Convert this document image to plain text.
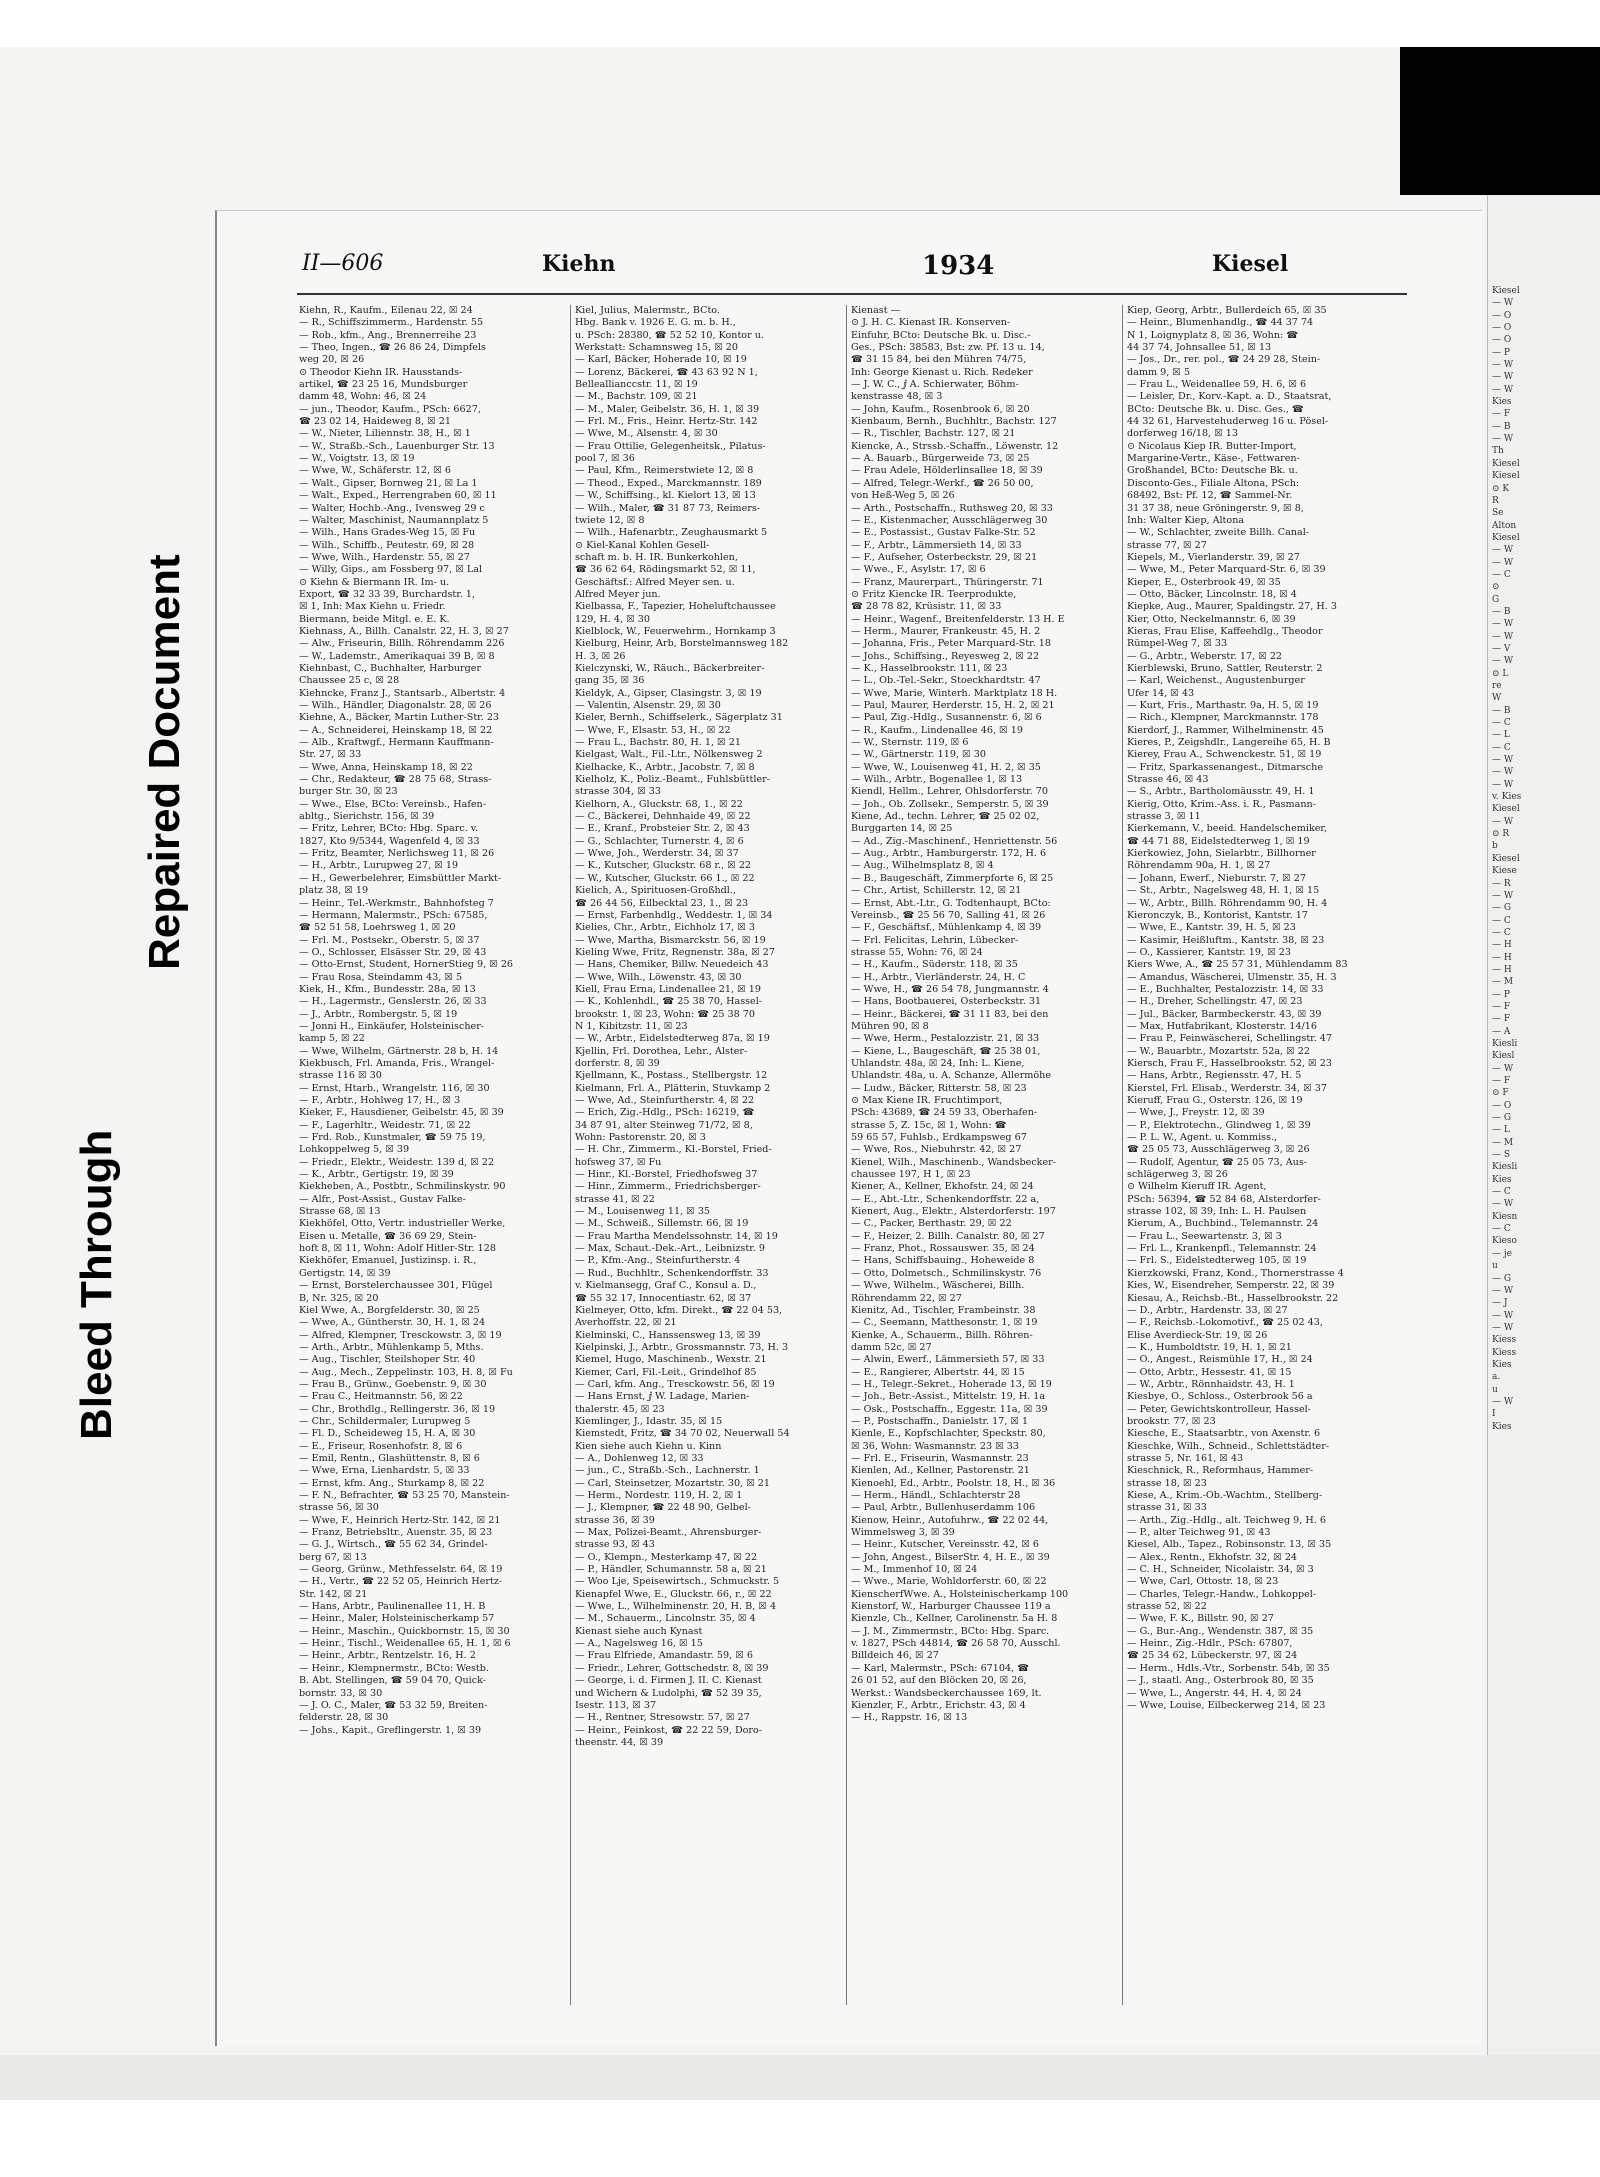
Bleed Through
Repaired Document
II—606	Kiehn	1934	Kiesel
Kiehn, R., Kaufm., Eilenau 22, ☒ 24
— R., Schiffszimmerm., Hardenstr. 55
— Rob., kfm., Ang., Brennerreihe 23
— Theo, Ingen., ☎ 26 86 24, Dimpfels
weg 20, ☒ 26
⊙ Theodor Kiehn IR. Hausstands-
artikel, ☎ 23 25 16, Mundsburger
damm 48, Wohn: 46, ☒ 24
— jun., Theodor, Kaufm., PSch: 6627,
☎ 23 02 14, Haideweg 8, ☒ 21
— W., Nieter, Liliennstr. 38, H., ☒ 1
— W., Straßb.-Sch., Lauenburger Str. 13
— W., Voigtstr. 13, ☒ 19
— Wwe, W., Schäferstr. 12, ☒ 6
— Walt., Gipser, Bornweg 21, ☒ La 1
— Walt., Exped., Herrengraben 60, ☒ 11
— Walter, Hochb.-Ang., Ivensweg 29 c
— Walter, Maschinist, Naumannplatz 5
— Wilh., Hans Grades-Weg 15, ☒ Fu
— Wilh., Schiffb., Peutestr. 69, ☒ 28
— Wwe, Wilh., Hardenstr. 55, ☒ 27
— Willy, Gips., am Fossberg 97, ☒ Lal
⊙ Kiehn & Biermann IR. Im- u.
Export, ☎ 32 33 39, Burchardstr. 1,
☒ 1, Inh: Max Kiehn u. Friedr.
Biermann, beide Mitgl. e. E. K.
Kiehnass, A., Billh. Canalstr. 22, H. 3, ☒ 27
— Alw., Friseurin, Billh. Röhrendamm 226
— W., Lademstr., Amerikaquai 39 B, ☒ 8
Kiehnbast, C., Buchhalter, Harburger
Chaussee 25 c, ☒ 28
Kiehncke, Franz J., Stantsarb., Albertstr. 4
— Wilh., Händler, Diagonalstr. 28, ☒ 26
Kiehne, A., Bäcker, Martin Luther-Str. 23
— A., Schneiderei, Heinskamp 18, ☒ 22
— Alb., Kraftwgf., Hermann Kauffmann-
Str. 27, ☒ 33
— Wwe, Anna, Heinskamp 18, ☒ 22
— Chr., Redakteur, ☎ 28 75 68, Strass-
burger Str. 30, ☒ 23
— Wwe., Else, BCto: Vereinsb., Hafen-
abltg., Sierichstr. 156, ☒ 39
— Fritz, Lehrer, BCto: Hbg. Sparc. v.
1827, Kto 9/5344, Wagenfeld 4, ☒ 33
— Fritz, Beamter, Nerlichsweg 11, ☒ 26
— H., Arbtr., Lurupweg 27, ☒ 19
— H., Gewerbelehrer, Eimsbüttler Markt-
platz 38, ☒ 19
— Heinr., Tel.-Werkmstr., Bahnhofsteg 7
— Hermann, Malermstr., PSch: 67585,
☎ 52 51 58, Loehrsweg 1, ☒ 20
— Frl. M., Postsekr., Oberstr. 5, ☒ 37
— O., Schlosser, Elsässer Str. 29, ☒ 43
— Otto-Ernst, Student, HornerStieg 9, ☒ 26
— Frau Rosa, Steindamm 43, ☒ 5
Kiek, H., Kfm., Bundesstr. 28a, ☒ 13
— H., Lagermstr., Genslerstr. 26, ☒ 33
— J., Arbtr., Rombergstr. 5, ☒ 19
— Jonni H., Einkäufer, Holsteinischer-
kamp 5, ☒ 22
— Wwe, Wilhelm, Gärtnerstr. 28 b, H. 14
Kiekbusch, Frl. Amanda, Fris., Wrangel-
strasse 116 ☒ 30
— Ernst, Htarb., Wrangelstr. 116, ☒ 30
— F., Arbtr., Hohlweg 17, H., ☒ 3
Kieker, F., Hausdiener, Geibelstr. 45, ☒ 39
— F., Lagerhltr., Weidestr. 71, ☒ 22
— Frd. Rob., Kunstmaler, ☎ 59 75 19,
Lohkoppelweg 5, ☒ 39
— Friedr., Elektr., Weidestr. 139 d, ☒ 22
— K., Arbtr., Gertigstr. 19, ☒ 39
Kiekheben, A., Postbtr., Schmilinskystr. 90
— Alfr., Post-Assist., Gustav Falke-
Strasse 68, ☒ 13
Kiekhöfel, Otto, Vertr. industrieller Werke,
Eisen u. Metalle, ☎ 36 69 29, Stein-
hoft 8, ☒ 11, Wohn: Adolf Hitler-Str. 128
Kiekhöfer, Emanuel, Justizinsp. i. R.,
Gertigstr. 14, ☒ 39
— Ernst, Borstelerchaussee 301, Flügel
B, Nr. 325, ☒ 20
Kiel Wwe, A., Borgfelderstr. 30, ☒ 25
— Wwe, A., Güntherstr. 30, H. 1, ☒ 24
— Alfred, Klempner, Tresckowstr. 3, ☒ 19
— Arth., Arbtr., Mühlenkamp 5, Mths.
— Aug., Tischler, Steilshoper Str. 40
— Aug., Mech., Zeppelinstr. 103, H. 8, ☒ Fu
— Frau B., Grünw., Goebenstr. 9, ☒ 30
— Frau C., Heitmannstr. 56, ☒ 22
— Chr., Brothdlg., Rellingerstr. 36, ☒ 19
— Chr., Schildermaler, Lurupweg 5
— Fl. D., Scheideweg 15, H. A, ☒ 30
— E., Friseur, Rosenhofstr. 8, ☒ 6
— Emil, Rentn., Glashüttenstr. 8, ☒ 6
— Wwe, Erna, Lienhardstr. 5, ☒ 33
— Ernst, kfm. Ang., Sturkamp 8, ☒ 22
— F. N., Befrachter, ☎ 53 25 70, Manstein-
strasse 56, ☒ 30
— Wwe, F., Heinrich Hertz-Str. 142, ☒ 21
— Franz, Betriebsltr., Auenstr. 35, ☒ 23
— G. J., Wirtsch., ☎ 55 62 34, Grindel-
berg 67, ☒ 13
— Georg, Grünw., Methfesselstr. 64, ☒ 19
— H., Vertr., ☎ 22 52 05, Heinrich Hertz-
Str. 142, ☒ 21
— Hans, Arbtr., Paulinenallee 11, H. B
— Heinr., Maler, Holsteinischerkamp 57
— Heinr., Maschin., Quickbornstr. 15, ☒ 30
— Heinr., Tischl., Weidenallee 65, H. 1, ☒ 6
— Heinr., Arbtr., Rentzelstr. 16, H. 2
— Heinr., Klempnermstr., BCto: Westb.
B. Abt. Stellingen, ☎ 59 04 70, Quick-
bornstr. 33, ☒ 30
— J. O. C., Maler, ☎ 53 32 59, Breiten-
felderstr. 28, ☒ 30
— Johs., Kapit., Greflingerstr. 1, ☒ 39
Kiel, Julius, Malermstr., BCto.
Hbg. Bank v. 1926 E. G. m. b. H.,
u. PSch: 28380, ☎ 52 52 10, Kontor u.
Werkstatt: Schamnsweg 15, ☒ 20
— Karl, Bäcker, Hoherade 10, ☒ 19
— Lorenz, Bäckerei, ☎ 43 63 92 N 1,
Belleallianccstr. 11, ☒ 19
— M., Bachstr. 109, ☒ 21
— M., Maler, Geibelstr. 36, H. 1, ☒ 39
— Frl. M., Fris., Heinr. Hertz-Str. 142
— Wwe, M., Alsenstr. 4, ☒ 30
— Frau Ottilie, Gelegenheitsk., Pilatus-
pool 7, ☒ 36
— Paul, Kfm., Reimerstwiete 12, ☒ 8
— Theod., Exped., Marckmannstr. 189
— W., Schiffsing., kl. Kielort 13, ☒ 13
— Wilh., Maler, ☎ 31 87 73, Reimers-
twiete 12, ☒ 8
— Wilh., Hafenarbtr., Zeughausmarkt 5
⊙ Kiel-Kanal Kohlen Gesell-
schaft m. b. H. IR. Bunkerkohlen,
☎ 36 62 64, Rödingsmarkt 52, ☒ 11,
Geschäftsf.: Alfred Meyer sen. u.
Alfred Meyer jun.
Kielbassa, F., Tapezier, Hoheluftchaussee
129, H. 4, ☒ 30
Kielblock, W., Feuerwehrm., Hornkamp 3
Kielburg, Heinr, Arb, Borstelmannsweg 182
H. 3, ☒ 26
Kielczynski, W., Räuch., Bäckerbreiter-
gang 35, ☒ 36
Kieldyk, A., Gipser, Clasingstr. 3, ☒ 19
— Valentin, Alsenstr. 29, ☒ 30
Kieler, Bernh., Schiffselerk., Sägerplatz 31
— Wwe, F., Elsastr. 53, H., ☒ 22
— Frau L., Bachstr. 80, H. 1, ☒ 21
Kielgast, Walt., Fil.-Ltr., Nölkensweg 2
Kielhacke, K., Arbtr., Jacobstr. 7, ☒ 8
Kielholz, K., Poliz.-Beamt., Fuhlsbüttler-
strasse 304, ☒ 33
Kielhorn, A., Gluckstr. 68, 1., ☒ 22
— C., Bäckerei, Dehnhaide 49, ☒ 22
— E., Kranf., Probsteier Str. 2, ☒ 43
— G., Schlachter, Turnerstr. 4, ☒ 6
— Wwe, Joh., Werderstr. 34, ☒ 37
— K., Kutscher, Gluckstr. 68 r., ☒ 22
— W., Kutscher, Gluckstr. 66 1., ☒ 22
Kielich, A., Spirituosen-Großhdl.,
☎ 26 44 56, Eilbecktal 23, 1., ☒ 23
— Ernst, Farbenhdlg., Weddestr. 1, ☒ 34
Kielies, Chr., Arbtr., Eichholz 17, ☒ 3
— Wwe, Martha, Bismarckstr. 56, ☒ 19
Kieling Wwe, Fritz, Regnenstr. 38a, ☒ 27
— Hans, Chemiker, Billw. Neuedeich 43
— Wwe, Wilh., Löwenstr. 43, ☒ 30
Kiell, Frau Erna, Lindenallee 21, ☒ 19
— K., Kohlenhdl., ☎ 25 38 70, Hassel-
brookstr. 1, ☒ 23, Wohn: ☎ 25 38 70
N 1, Kibitzstr. 11, ☒ 23
— W., Arbtr., Eidelstedterweg 87a, ☒ 19
Kjellin, Frl. Dorothea, Lehr., Alster-
dorferstr. 8, ☒ 39
Kjellmann, K., Postass., Stellbergstr. 12
Kielmann, Frl. A., Plätterin, Stuvkamp 2
— Wwe, Ad., Steinfurtherstr. 4, ☒ 22
— Erich, Zig.-Hdlg., PSch: 16219, ☎
34 87 91, alter Steinweg 71/72, ☒ 8,
Wohn: Pastorenstr. 20, ☒ 3
— H. Chr., Zimmerm., Kl.-Borstel, Fried-
hofsweg 37, ☒ Fu
— Hinr., Kl.-Borstel, Friedhofsweg 37
— Hinr., Zimmerm., Friedrichsberger-
strasse 41, ☒ 22
— M., Louisenweg 11, ☒ 35
— M., Schweiß., Sillemstr. 66, ☒ 19
— Frau Martha Mendelssohnstr. 14, ☒ 19
— Max, Schaut.-Dek.-Art., Leibnizstr. 9
— P., Kfm.-Ang., Steinfurtherstr. 4
— Rud., Buchhltr., Schenkendorffstr. 33
v. Kielmansegg, Graf C., Konsul a. D.,
☎ 55 32 17, Innocentiastr. 62, ☒ 37
Kielmeyer, Otto, kfm. Direkt., ☎ 22 04 53,
Averhoffstr. 22, ☒ 21
Kielminski, C., Hanssensweg 13, ☒ 39
Kielpinski, J., Arbtr., Grossmannstr. 73, H. 3
Kiemel, Hugo, Maschinenb., Wexstr. 21
Kiemer, Carl, Fil.-Leit., Grindelhof 85
— Carl, kfm. Ang., Tresckowstr. 56, ☒ 19
— Hans Ernst, ⅉ W. Ladage, Marien-
thalerstr. 45, ☒ 23
Kiemlinger, J., Idastr. 35, ☒ 15
Kiemstedt, Fritz, ☎ 34 70 02, Neuerwall 54
Kien siehe auch Kiehn u. Kinn
— A., Dohlenweg 12, ☒ 33
— jun., C., Straßb.-Sch., Lachnerstr. 1
— Carl, Steinsetzer, Mozartstr. 30, ☒ 21
— Herm., Nordestr. 119, H. 2, ☒ 1
— J., Klempner, ☎ 22 48 90, Gelbel-
strasse 36, ☒ 39
— Max, Polizei-Beamt., Ahrensburger-
strasse 93, ☒ 43
— O., Klempn., Mesterkamp 47, ☒ 22
— P., Händler, Schumannstr. 58 a, ☒ 21
— Woo Lje, Speisewirtsch., Schmuckstr. 5
Kienapfel Wwe, E., Gluckstr. 66, r., ☒ 22
— Wwe, L., Wilhelminenstr. 20, H. B, ☒ 4
— M., Schauerm., Lincolnstr. 35, ☒ 4
Kienast siehe auch Kynast
— A., Nagelsweg 16, ☒ 15
— Frau Elfriede, Amandastr. 59, ☒ 6
— Friedr., Lehrer, Gottschedstr. 8, ☒ 39
— George, i. d. Firmen J. II. C. Kienast
und Wichern & Ludolphi, ☎ 52 39 35,
Isestr. 113, ☒ 37
— H., Rentner, Stresowstr. 57, ☒ 27
— Heinr., Feinkost, ☎ 22 22 59, Doro-
theenstr. 44, ☒ 39
Kienast —
⊙ J. H. C. Kienast IR. Konserven-
Einfuhr, BCto: Deutsche Bk. u. Disc.-
Ges., PSch: 38583, Bst: zw. Pf. 13 u. 14,
☎ 31 15 84, bei den Mühren 74/75,
Inh: George Kienast u. Rich. Redeker
— J. W. C., ⅉ A. Schierwater, Böhm-
kenstrasse 48, ☒ 3
— John, Kaufm., Rosenbrook 6, ☒ 20
Kienbaum, Bernh., Buchhltr., Bachstr. 127
— R., Tischler, Bachstr. 127, ☒ 21
Kiencke, A., Strssb.-Schaffn., Löwenstr. 12
— A. Bauarb., Bürgerweide 73, ☒ 25
— Frau Adele, Hölderlinsallee 18, ☒ 39
— Alfred, Telegr.-Werkf., ☎ 26 50 00,
von Heß-Weg 5, ☒ 26
— Arth., Postschaffn., Ruthsweg 20, ☒ 33
— E., Kistenmacher, Ausschlägerweg 30
— E., Postassist., Gustav Falke-Str. 52
— F., Arbtr., Lämmersieth 14, ☒ 33
— F., Aufseher, Osterbeckstr. 29, ☒ 21
— Wwe., F., Asylstr. 17, ☒ 6
— Franz, Maurerpart., Thüringerstr. 71
⊙ Fritz Kiencke IR. Teerprodukte,
☎ 28 78 82, Krüsistr. 11, ☒ 33
— Heinr., Wagenf., Breitenfelderstr. 13 H. E
— Herm., Maurer, Frankeustr. 45, H. 2
— Johanna, Fris., Peter Marquard-Str. 18
— Johs., Schiffsing., Reyesweg 2, ☒ 22
— K., Hasselbrookstr. 111, ☒ 23
— L., Ob.-Tel.-Sekr., Stoeckhardtstr. 47
— Wwe, Marie, Winterh. Marktplatz 18 H.
— Paul, Maurer, Herderstr. 15, H. 2, ☒ 21
— Paul, Zig.-Hdlg., Susannenstr. 6, ☒ 6
— R., Kaufm., Lindenallee 46, ☒ 19
— W., Sternstr. 119, ☒ 6
— W., Gärtnerstr. 119, ☒ 30
— Wwe, W., Louisenweg 41, H. 2, ☒ 35
— Wilh., Arbtr., Bogenallee 1, ☒ 13
Kiendl, Hellm., Lehrer, Ohlsdorferstr. 70
— Joh., Ob. Zollsekr., Semperstr. 5, ☒ 39
Kiene, Ad., techn. Lehrer, ☎ 25 02 02,
Burggarten 14, ☒ 25
— Ad., Zig.-Maschinenf., Henriettenstr. 56
— Aug., Arbtr., Hamburgerstr. 172, H. 6
— Aug., Wilhelmsplatz 8, ☒ 4
— B., Baugeschäft, Zimmerpforte 6, ☒ 25
— Chr., Artist, Schillerstr. 12, ☒ 21
— Ernst, Abt.-Ltr., G. Todtenhaupt, BCto:
Vereinsb., ☎ 25 56 70, Salling 41, ☒ 26
— F., Geschäftsf., Mühlenkamp 4, ☒ 39
— Frl. Felicitas, Lehrin, Lübecker-
strasse 55, Wohn: 76, ☒ 24
— H., Kaufm., Süderstr. 118, ☒ 35
— H., Arbtr., Vierländerstr. 24, H. C
— Wwe, H., ☎ 26 54 78, Jungmannstr. 4
— Hans, Bootbauerei, Osterbeckstr. 31
— Heinr., Bäckerei, ☎ 31 11 83, bei den
Mühren 90, ☒ 8
— Wwe, Herm., Pestalozzistr. 21, ☒ 33
— Kiene, L., Baugeschäft, ☎ 25 38 01,
Uhlandstr. 48a, ☒ 24, Inh: L. Kiene,
Uhlandstr. 48a, u. A. Schanze, Allermöhe
— Ludw., Bäcker, Ritterstr. 58, ☒ 23
⊙ Max Kiene IR. Fruchtimport,
PSch: 43689, ☎ 24 59 33, Oberhafen-
strasse 5, Z. 15c, ☒ 1, Wohn: ☎
59 65 57, Fuhlsb., Erdkampsweg 67
— Wwe, Ros., Niebuhrstr. 42, ☒ 27
Kienel, Wilh., Maschinenb., Wandsbecker-
chaussee 197, H 1, ☒ 23
Kiener, A., Kellner, Ekhofstr. 24, ☒ 24
— E., Abt.-Ltr., Schenkendorffstr. 22 a,
Kienert, Aug., Elektr., Alsterdorferstr. 197
— C., Packer, Berthastr. 29, ☒ 22
— F., Heizer, 2. Billh. Canalstr. 80, ☒ 27
— Franz, Phot., Rossauswer. 35, ☒ 24
— Hans, Schiffsbauing., Hoheweide 8
— Otto, Dolmetsch., Schmilinskystr. 76
— Wwe, Wilhelm., Wäscherei, Billh.
Röhrendamm 22, ☒ 27
Kienitz, Ad., Tischler, Frambeinstr. 38
— C., Seemann, Matthesonstr. 1, ☒ 19
Kienke, A., Schauerm., Billh. Röhren-
damm 52c, ☒ 27
— Alwin, Ewerf., Lämmersieth 57, ☒ 33
— E., Rangierer, Albertstr. 44, ☒ 15
— H., Telegr.-Sekret., Hoherade 13, ☒ 19
— Joh., Betr.-Assist., Mittelstr. 19, H. 1a
— Osk., Postschaffn., Eggestr. 11a, ☒ 39
— P., Postschaffn., Danielstr. 17, ☒ 1
Kienle, E., Kopfschlachter, Speckstr. 80,
☒ 36, Wohn: Wasmannstr. 23 ☒ 33
— Frl. E., Friseurin, Wasmannstr. 23
Kienlen, Ad., Kellner, Pastorenstr. 21
Kienoehl, Ed., Arbtr., Poolstr. 18, H., ☒ 36
— Herm., Händl., Schlachterstr 28
— Paul, Arbtr., Bullenhuserdamm 106
Kienow, Heinr., Autofuhrw., ☎ 22 02 44,
Wimmelsweg 3, ☒ 39
— Heinr., Kutscher, Vereinsstr. 42, ☒ 6
— John, Angest., BilserStr. 4, H. E., ☒ 39
— M., Immenhof 10, ☒ 24
— Wwe., Marie, Wohldorferstr. 60, ☒ 22
KienscherfWwe. A., Holsteinischerkamp 100
Kienstorf, W., Harburger Chaussee 119 a
Kienzle, Ch., Kellner, Carolinenstr. 5a H. 8
— J. M., Zimmermstr., BCto: Hbg. Sparc.
v. 1827, PSch 44814, ☎ 26 58 70, Ausschl.
Billdeich 46, ☒ 27
— Karl, Malermstr., PSch: 67104, ☎
26 01 52, auf den Blöcken 20, ☒ 26,
Werkst.: Wandsbeckerchaussee 169, lt.
Kienzler, F., Arbtr., Erichstr. 43, ☒ 4
— H., Rappstr. 16, ☒ 13
Kiep, Georg, Arbtr., Bullerdeich 65, ☒ 35
— Heinr., Blumenhandlg., ☎ 44 37 74
N 1, Loignyplatz 8, ☒ 36, Wohn: ☎
44 37 74, Johnsallee 51, ☒ 13
— Jos., Dr., rer. pol., ☎ 24 29 28, Stein-
damm 9, ☒ 5
— Frau L., Weidenallee 59, H. 6, ☒ 6
— Leisler, Dr., Korv.-Kapt. a. D., Staatsrat,
BCto: Deutsche Bk. u. Disc. Ges., ☎
44 32 61, Harvestehuderweg 16 u. Pösel-
dorferweg 16/18, ☒ 13
⊙ Nicolaus Kiep IR. Butter-Import,
Margarine-Vertr., Käse-, Fettwaren-
Großhandel, BCto: Deutsche Bk. u.
Disconto-Ges., Filiale Altona, PSch:
68492, Bst: Pf. 12, ☎ Sammel-Nr.
31 37 38, neue Gröningerstr. 9, ☒ 8,
Inh: Walter Kiep, Altona
— W., Schlachter, zweite Billh. Canal-
strasse 77, ☒ 27
Kiepels, M., Vierlanderstr. 39, ☒ 27
— Wwe, M., Peter Marquard-Str. 6, ☒ 39
Kieper, E., Osterbrook 49, ☒ 35
— Otto, Bäcker, Lincolnstr. 18, ☒ 4
Kiepke, Aug., Maurer, Spaldingstr. 27, H. 3
Kier, Otto, Neckelmannstr. 6, ☒ 39
Kieras, Frau Elise, Kaffeehdlg., Theodor
Rümpel-Weg 7, ☒ 33
— G., Arbtr., Weberstr. 17, ☒ 22
Kierblewski, Bruno, Sattler, Reuterstr. 2
— Karl, Weichenst., Augustenburger
Ufer 14, ☒ 43
— Kurt, Fris., Marthastr. 9a, H. 5, ☒ 19
— Rich., Klempner, Marckmannstr. 178
Kierdorf, J., Rammer, Wilhelminenstr. 45
Kieres, P., Zeigshdlr., Langereihe 65, H. B
Kierey, Frau A., Schwenckestr. 51, ☒ 19
— Fritz, Sparkassenangest., Ditmarsche
Strasse 46, ☒ 43
— S., Arbtr., Bartholomäusstr. 49, H. 1
Kierig, Otto, Krim.-Ass. i. R., Pasmann-
strasse 3, ☒ 11
Kierkemann, V., beeid. Handelschemiker,
☎ 44 71 88, Eidelstedterweg 1, ☒ 19
Kierkowiez, John, Sielarbtr., Billhorner
Röhrendamm 90a, H. 1, ☒ 27
— Johann, Ewerf., Nieburstr. 7, ☒ 27
— St., Arbtr., Nagelsweg 48, H. 1, ☒ 15
— W., Arbtr., Billh. Röhrendamm 90, H. 4
Kieronczyk, B., Kontorist, Kantstr. 17
— Wwe, E., Kantstr. 39, H. 5, ☒ 23
— Kasimir, Heißluftm., Kantstr. 38, ☒ 23
— O., Kassierer, Kantstr. 19, ☒ 23
Kiers Wwe, A., ☎ 25 57 31, Mühlendamm 83
— Amandus, Wäscherei, Ulmenstr. 35, H. 3
— E., Buchhalter, Pestalozzistr. 14, ☒ 33
— H., Dreher, Schellingstr. 47, ☒ 23
— Jul., Bäcker, Barmbeckerstr. 43, ☒ 39
— Max, Hutfabrikant, Klosterstr. 14/16
— Frau P., Feinwäscherei, Schellingstr. 47
— W., Bauarbtr., Mozartstr. 52a, ☒ 22
Kiersch, Frau F., Hasselbrookstr. 52, ☒ 23
— Hans, Arbtr., Regiensstr. 47, H. 5
Kierstel, Frl. Elisab., Werderstr. 34, ☒ 37
Kieruff, Frau G., Osterstr. 126, ☒ 19
— Wwe, J., Freystr. 12, ☒ 39
— P., Elektrotechn., Glindweg 1, ☒ 39
— P. L. W., Agent. u. Kommiss.,
☎ 25 05 73, Ausschlägerweg 3, ☒ 26
— Rudolf, Agentur, ☎ 25 05 73, Aus-
schlägerweg 3, ☒ 26
⊙ Wilhelm Kieruff IR. Agent,
PSch: 56394, ☎ 52 84 68, Alsterdorfer-
strasse 102, ☒ 39, Inh: L. H. Paulsen
Kierum, A., Buchbind., Telemannstr. 24
— Frau L., Seewartenstr. 3, ☒ 3
— Frl. L., Krankenpfl., Telemannstr. 24
— Frl. S., Eidelstedterweg 105, ☒ 19
Kierzkowski, Franz, Kond., Thornerstrasse 4
Kies, W., Eisendreher, Semperstr. 22, ☒ 39
Kiesau, A., Reichsb.-Bt., Hasselbrookstr. 22
— D., Arbtr., Hardenstr. 33, ☒ 27
— F., Reichsb.-Lokomotivf., ☎ 25 02 43,
Elise Averdieck-Str. 19, ☒ 26
— K., Humboldtstr. 19, H. 1, ☒ 21
— O., Angest., Reismühle 17, H., ☒ 24
— Otto, Arbtr., Hessestr. 41, ☒ 15
— W., Arbtr., Rönnhaidstr. 43, H. 1
Kiesbye, O., Schloss., Osterbrook 56 a
— Peter, Gewichtskontrolleur, Hassel-
brookstr. 77, ☒ 23
Kiesche, E., Staatsarbtr., von Axenstr. 6
Kieschke, Wilh., Schneid., Schlettstädter-
strasse 5, Nr. 161, ☒ 43
Kieschnick, R., Reformhaus, Hammer-
strasse 18, ☒ 23
Kiese, A., Krim.-Ob.-Wachtm., Stellberg-
strasse 31, ☒ 33
— Arth., Zig.-Hdlg., alt. Teichweg 9, H. 6
— P., alter Teichweg 91, ☒ 43
Kiesel, Alb., Tapez., Robinsonstr. 13, ☒ 35
— Alex., Rentn., Ekhofstr. 32, ☒ 24
— C. H., Schneider, Nicolaistr. 34, ☒ 3
— Wwe, Carl, Ottostr. 18, ☒ 23
— Charles, Telegr.-Handw., Lohkoppel-
strasse 52, ☒ 22
— Wwe, F. K., Billstr. 90, ☒ 27
— G., Bur.-Ang., Wendenstr. 387, ☒ 35
— Heinr., Zig.-Hdlr., PSch: 67807,
☎ 25 34 62, Lübeckerstr. 97, ☒ 24
— Herm., Hdls.-Vtr., Sorbenstr. 54b, ☒ 35
— J., staatl. Ang., Osterbrook 80, ☒ 35
— Wwe, L., Angerstr. 44, H. 4, ☒ 24
— Wwe, Louise, Eilbeckerweg 214, ☒ 23
Kiesel
— W
— O
— O
— O
— P
— W
— W
— W
Kies
— F
— B
— W
Th
Kiesel
Kiesel
⊙ K
R
Se
Alton
Kiesel
— W
— W
— C
⊙
G
— B
— W
— W
— V
— W
⊙ L
re
W
— B
— C
— L
— C
— W
— W
— W
v. Kies
Kiesel
— W
⊙ R
b
Kiesel
Kiese
— R
— W
— G
— C
— C
— H
— H
— H
— M
— P
— F
— F
— A
Kiesli
Kiesl
— W
— F
⊙ F
— O
— G
— L
— M
— S
Kiesli
Kies
— C
— W
Kiesn
— C
Kieso
— je
u
— G
— W
— J
— W
— W
Kiess
Kiess
Kies
a.
u
— W
I
Kies
